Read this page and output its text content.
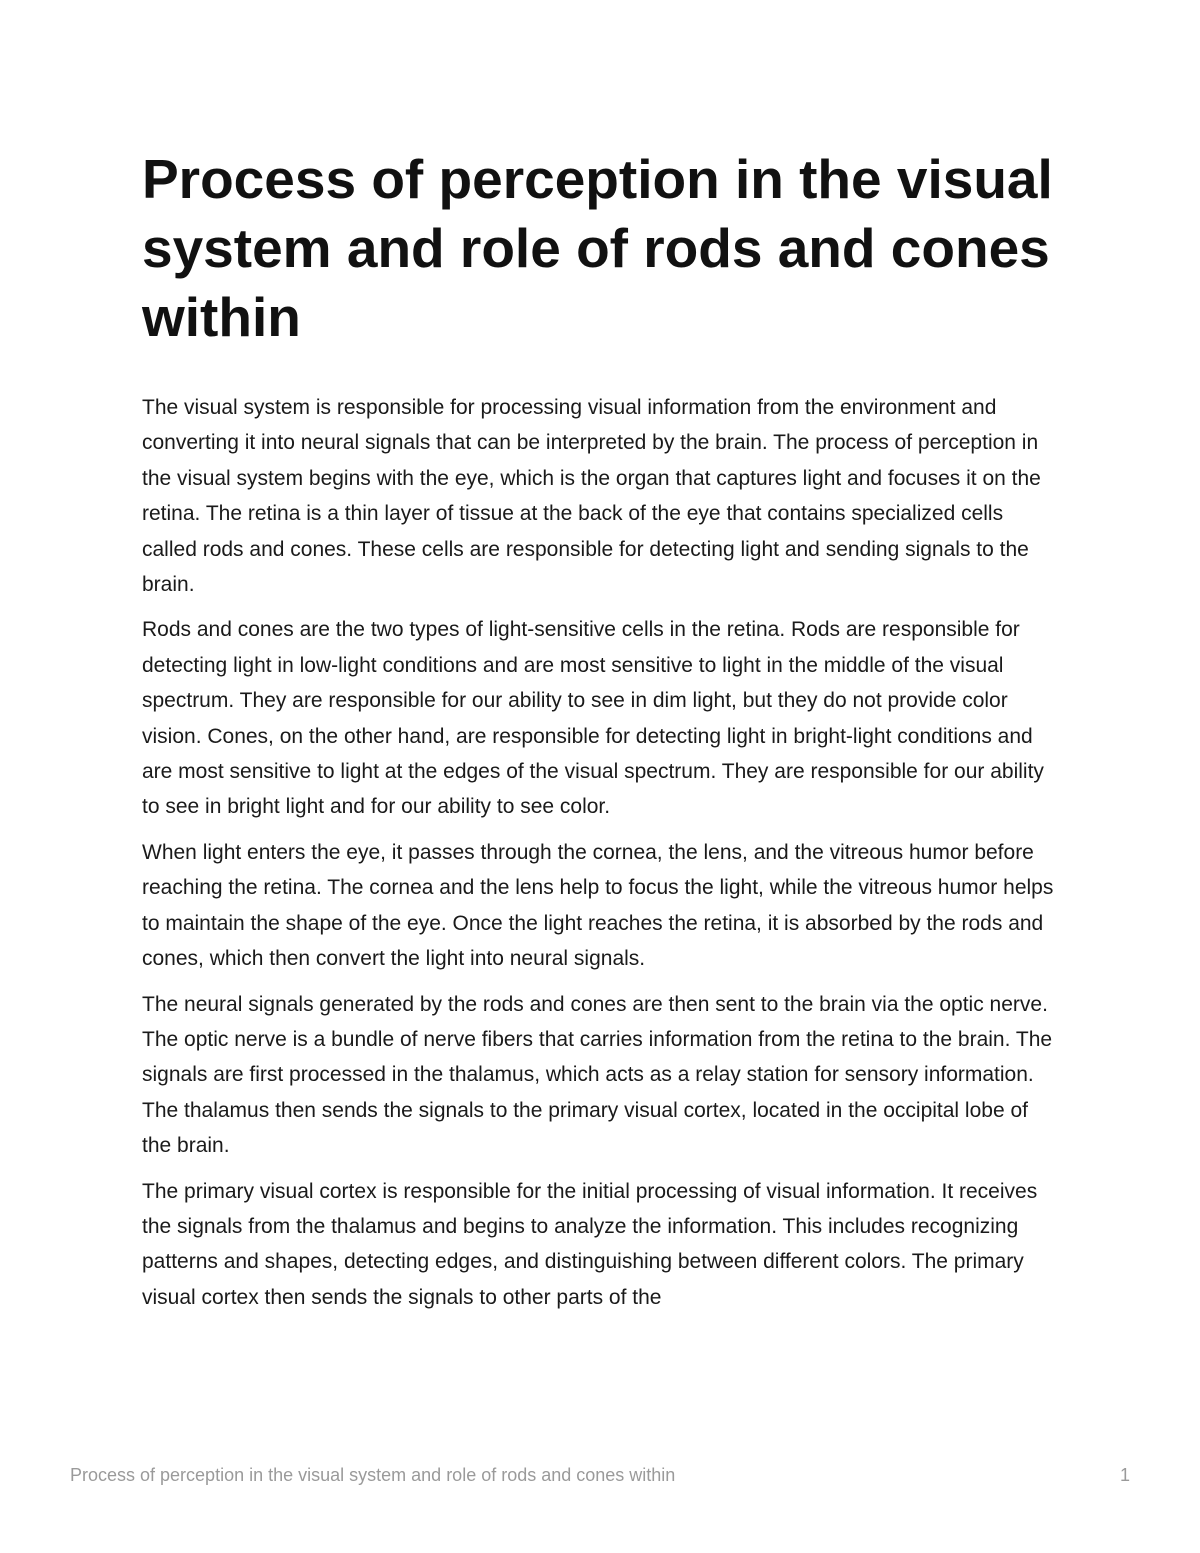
Process of perception in the visual system and role of rods and cones within

The visual system is responsible for processing visual information from the environment and converting it into neural signals that can be interpreted by the brain. The process of perception in the visual system begins with the eye, which is the organ that captures light and focuses it on the retina. The retina is a thin layer of tissue at the back of the eye that contains specialized cells called rods and cones. These cells are responsible for detecting light and sending signals to the brain.

Rods and cones are the two types of light-sensitive cells in the retina. Rods are responsible for detecting light in low-light conditions and are most sensitive to light in the middle of the visual spectrum. They are responsible for our ability to see in dim light, but they do not provide color vision. Cones, on the other hand, are responsible for detecting light in bright-light conditions and are most sensitive to light at the edges of the visual spectrum. They are responsible for our ability to see in bright light and for our ability to see color.

When light enters the eye, it passes through the cornea, the lens, and the vitreous humor before reaching the retina. The cornea and the lens help to focus the light, while the vitreous humor helps to maintain the shape of the eye. Once the light reaches the retina, it is absorbed by the rods and cones, which then convert the light into neural signals.

The neural signals generated by the rods and cones are then sent to the brain via the optic nerve. The optic nerve is a bundle of nerve fibers that carries information from the retina to the brain. The signals are first processed in the thalamus, which acts as a relay station for sensory information. The thalamus then sends the signals to the primary visual cortex, located in the occipital lobe of the brain.

The primary visual cortex is responsible for the initial processing of visual information. It receives the signals from the thalamus and begins to analyze the information. This includes recognizing patterns and shapes, detecting edges, and distinguishing between different colors. The primary visual cortex then sends the signals to other parts of the

Process of perception in the visual system and role of rods and cones within	1
